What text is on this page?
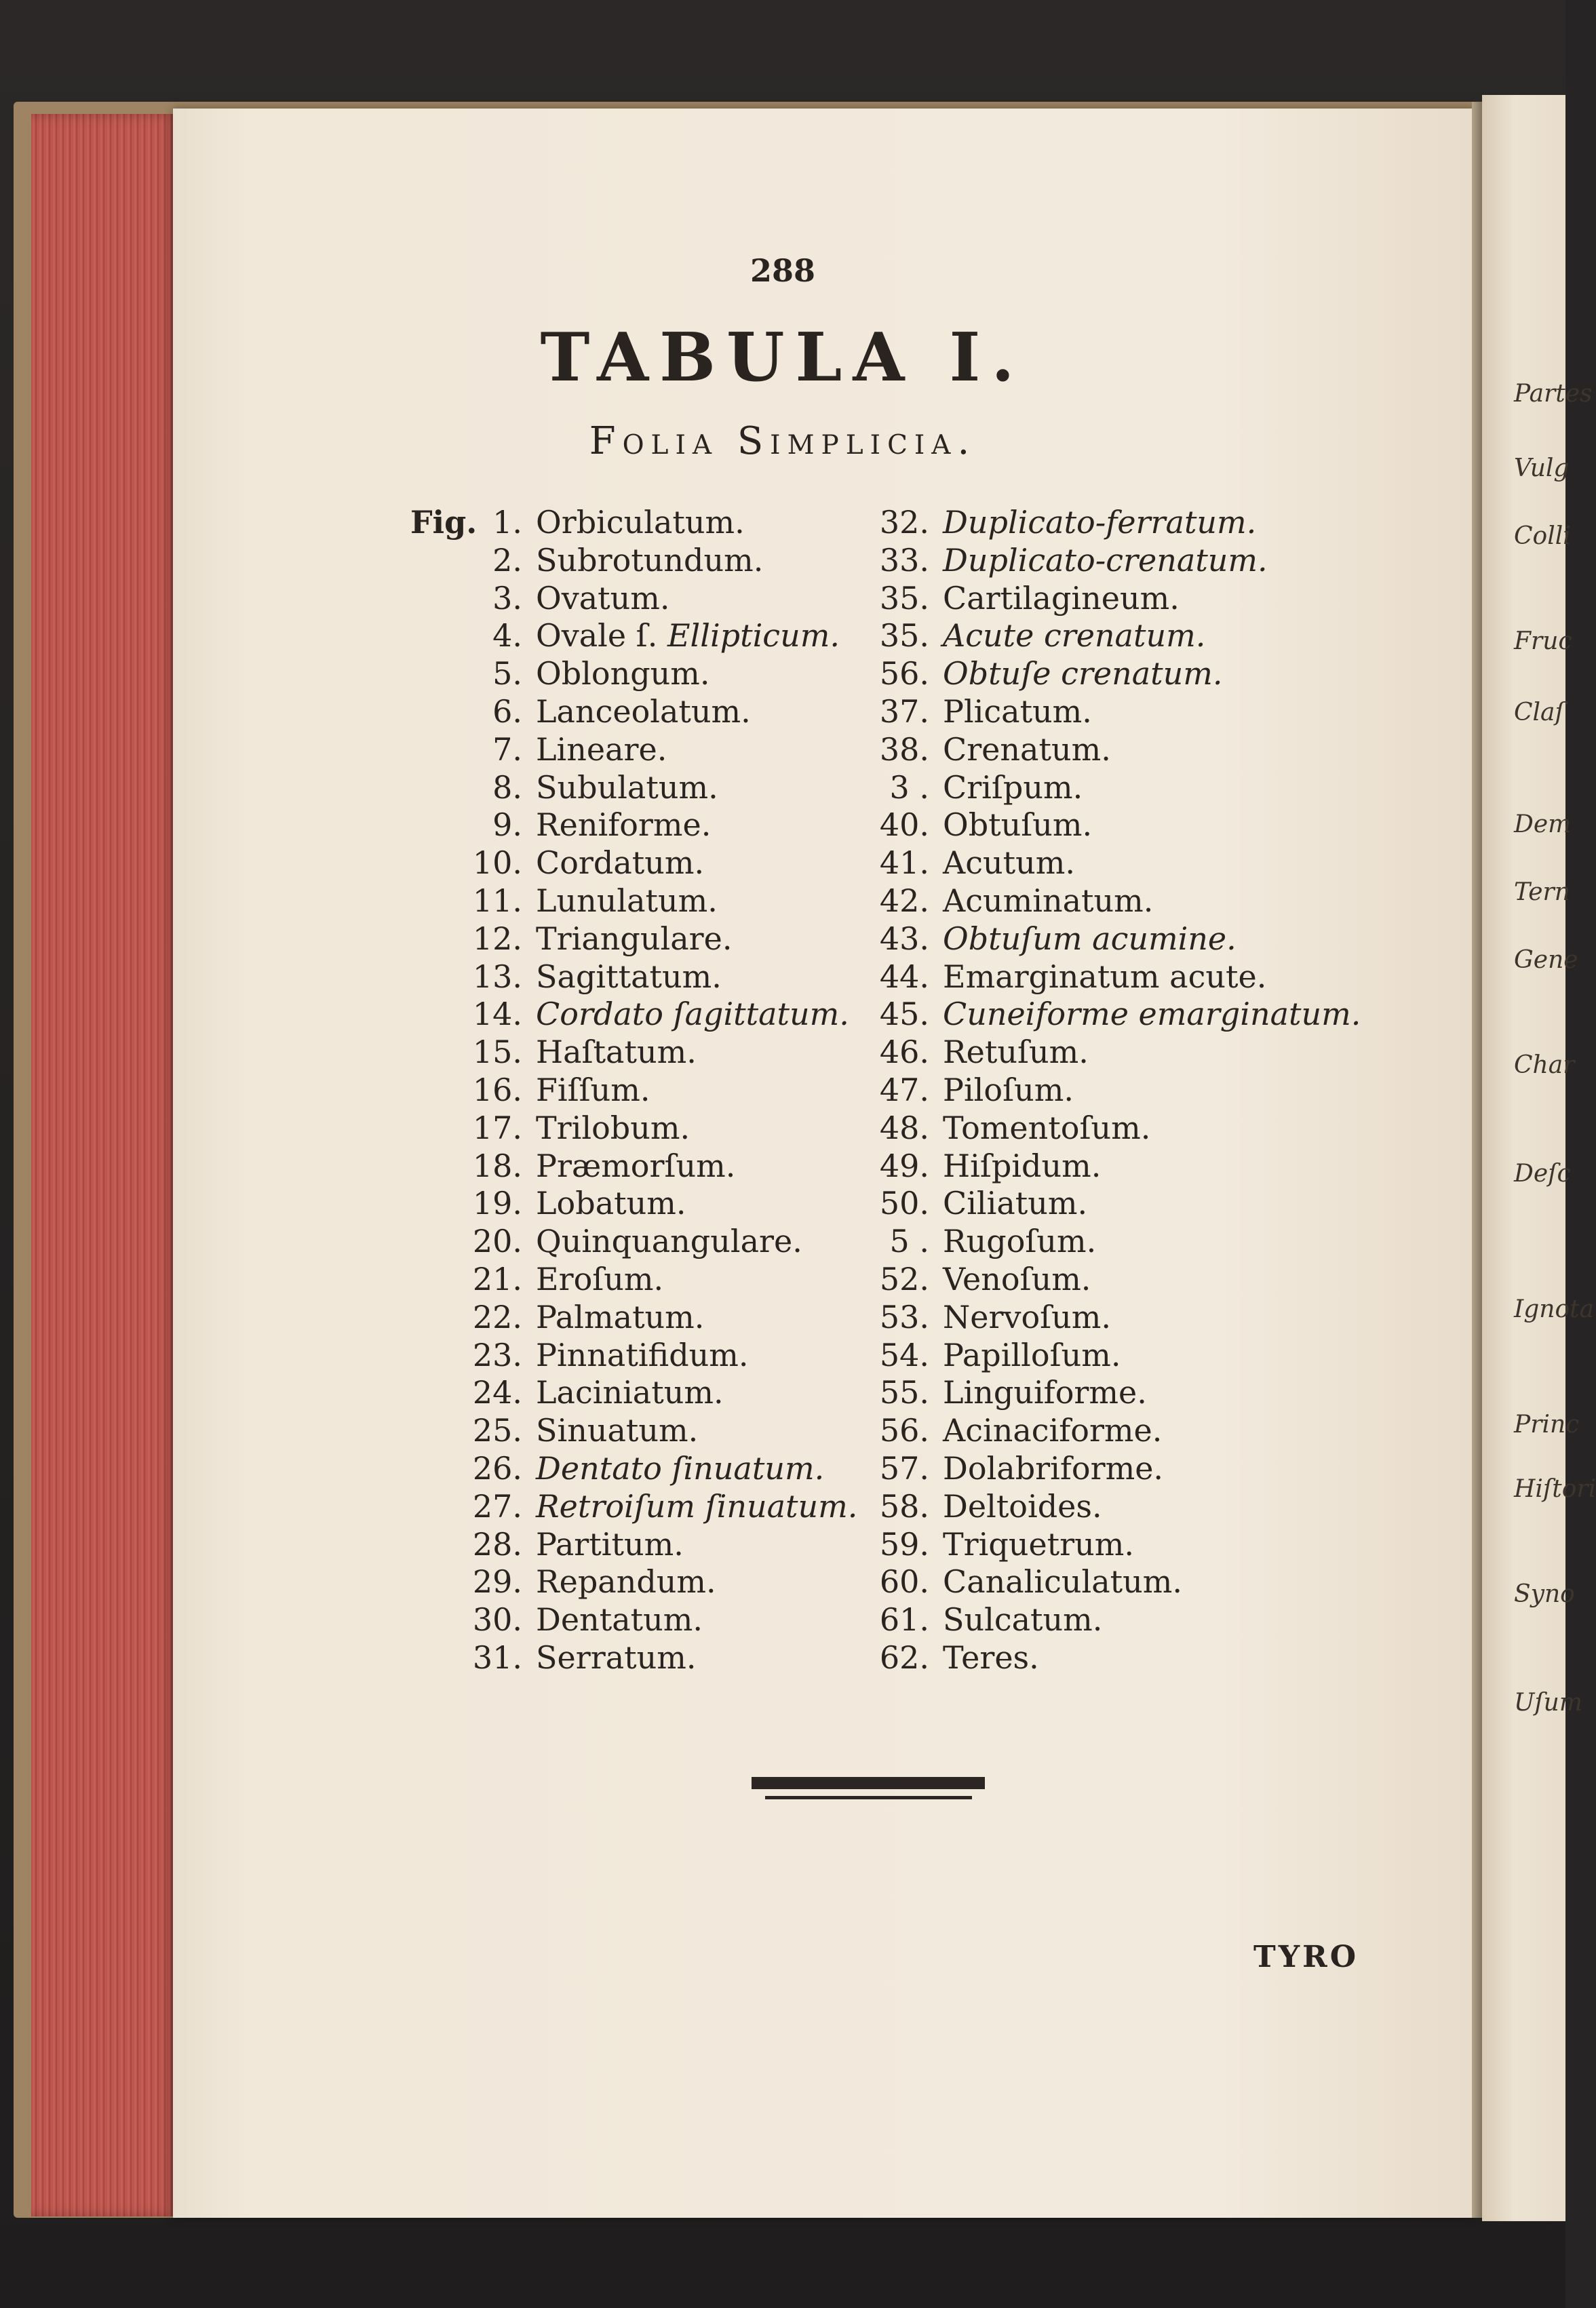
Partes
Vulg
Colli
Fruc
Claſ
Dem
Tern
Gene
Char
Deſc
Ignota
Princ
Hiſtori
Syno
Uſum
288
TABULA I.
Folia Simplicia.
Fig. 1. Orbiculatum.
2. Subrotundum.
3. Ovatum.
4. Ovale ſ. Ellipticum.
5. Oblongum.
6. Lanceolatum.
7. Lineare.
8. Subulatum.
9. Reniforme.
10. Cordatum.
11. Lunulatum.
12. Triangulare.
13. Sagittatum.
14. Cordato ſagittatum.
15. Haſtatum.
16. Fiſſum.
17. Trilobum.
18. Præmorſum.
19. Lobatum.
20. Quinquangulare.
21. Eroſum.
22. Palmatum.
23. Pinnatifidum.
24. Laciniatum.
25. Sinuatum.
26. Dentato ſinuatum.
27. Retroiſum ſinuatum.
28. Partitum.
29. Repandum.
30. Dentatum.
31. Serratum.
32. Duplicato-ferratum.
33. Duplicato-crenatum.
35. Cartilagineum.
35. Acute crenatum.
56. Obtuſe crenatum.
37. Plicatum.
38. Crenatum.
3 . Criſpum.
40. Obtuſum.
41. Acutum.
42. Acuminatum.
43. Obtuſum acumine.
44. Emarginatum acute.
45. Cuneiforme emarginatum.
46. Retuſum.
47. Piloſum.
48. Tomentoſum.
49. Hiſpidum.
50. Ciliatum.
5 . Rugoſum.
52. Venoſum.
53. Nervoſum.
54. Papilloſum.
55. Linguiforme.
56. Acinaciforme.
57. Dolabriforme.
58. Deltoides.
59. Triquetrum.
60. Canaliculatum.
61. Sulcatum.
62. Teres.
TYRO
